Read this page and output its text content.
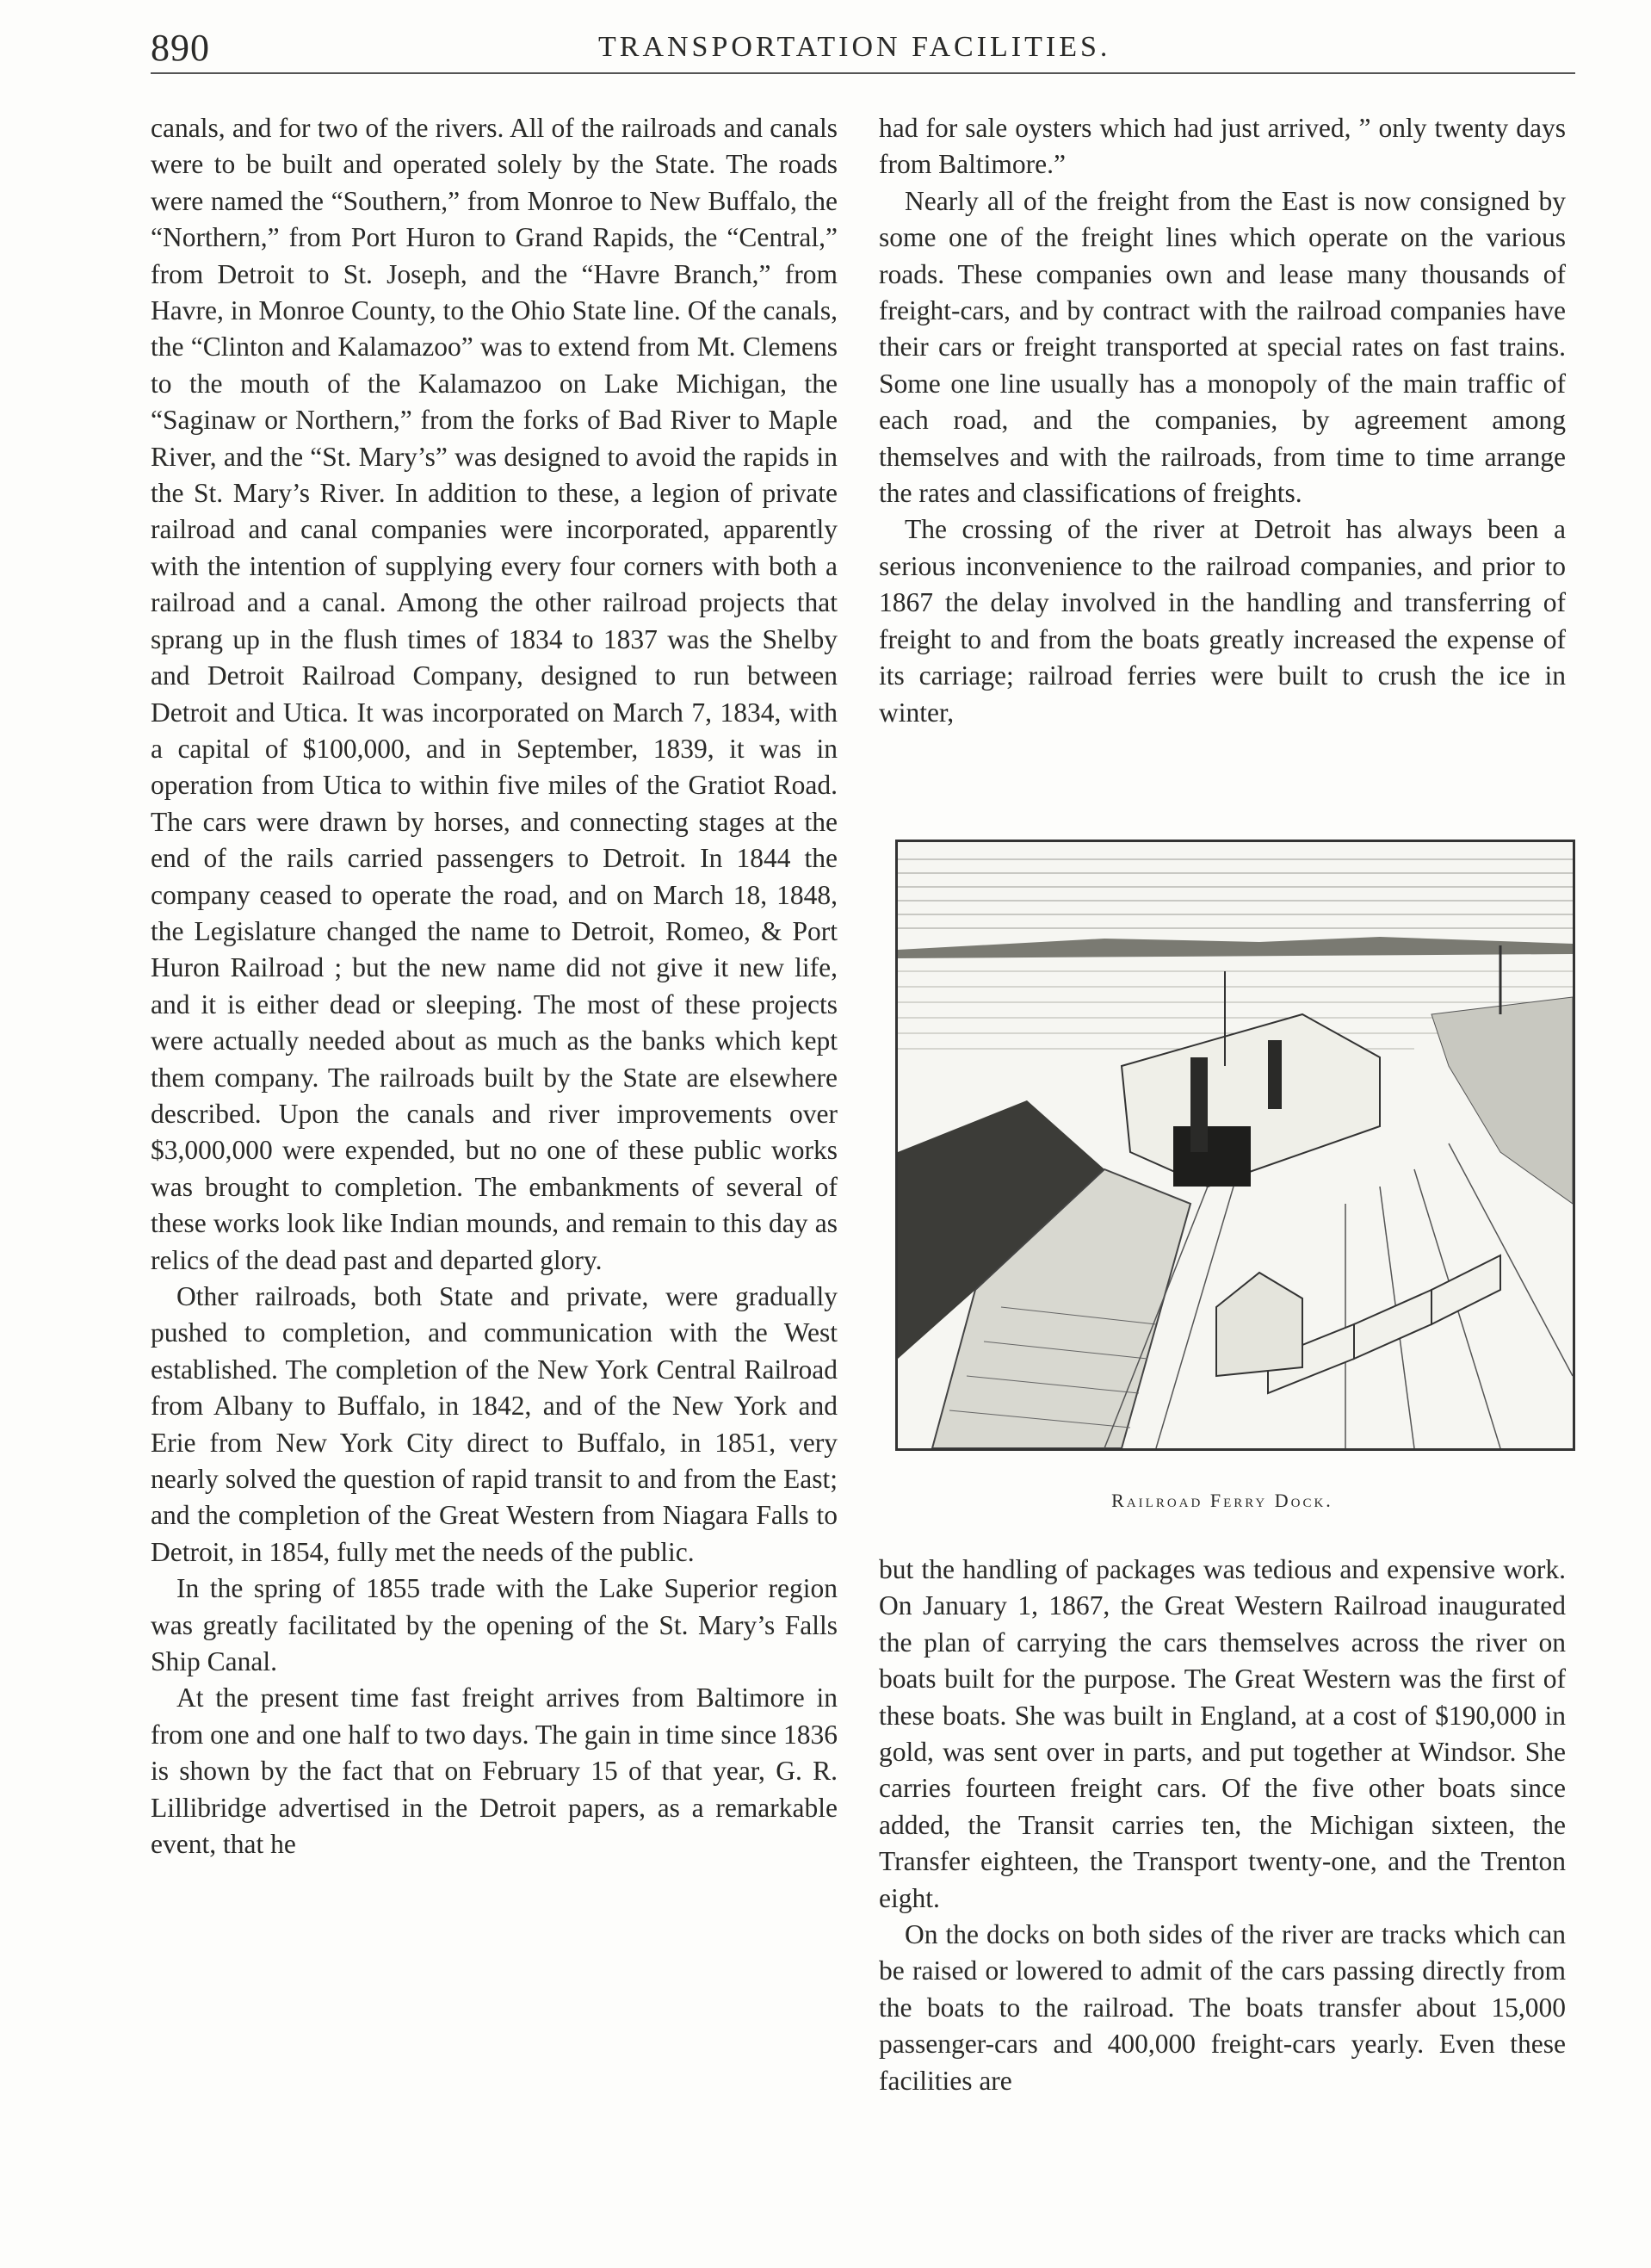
890	TRANSPORTATION FACILITIES.

canals, and for two of the rivers. All of the railroads and canals were to be built and operated solely by the State. The roads were named the “Southern,” from Monroe to New Buffalo, the “Northern,” from Port Huron to Grand Rapids, the “Central,” from Detroit to St. Joseph, and the “Havre Branch,” from Havre, in Monroe County, to the Ohio State line. Of the canals, the “Clinton and Kalamazoo” was to extend from Mt. Clemens to the mouth of the Kalamazoo on Lake Michigan, the “Saginaw or Northern,” from the forks of Bad River to Maple River, and the “St. Mary’s” was designed to avoid the rapids in the St. Mary’s River. In addition to these, a legion of private railroad and canal companies were incorporated, apparently with the intention of supplying every four corners with both a railroad and a canal. Among the other railroad projects that sprang up in the flush times of 1834 to 1837 was the Shelby and Detroit Railroad Company, designed to run between Detroit and Utica. It was incorporated on March 7, 1834, with a capital of $100,000, and in September, 1839, it was in operation from Utica to within five miles of the Gratiot Road. The cars were drawn by horses, and connecting stages at the end of the rails carried passengers to Detroit. In 1844 the company ceased to operate the road, and on March 18, 1848, the Legislature changed the name to Detroit, Romeo, & Port Huron Railroad ; but the new name did not give it new life, and it is either dead or sleeping. The most of these projects were actually needed about as much as the banks which kept them company. The railroads built by the State are elsewhere described. Upon the canals and river improvements over $3,000,000 were expended, but no one of these public works was brought to completion. The embankments of several of these works look like Indian mounds, and remain to this day as relics of the dead past and departed glory.

Other railroads, both State and private, were gradually pushed to completion, and communication with the West established. The completion of the New York Central Railroad from Albany to Buffalo, in 1842, and of the New York and Erie from New York City direct to Buffalo, in 1851, very nearly solved the question of rapid transit to and from the East; and the completion of the Great Western from Niagara Falls to Detroit, in 1854, fully met the needs of the public.

In the spring of 1855 trade with the Lake Superior region was greatly facilitated by the opening of the St. Mary’s Falls Ship Canal.

At the present time fast freight arrives from Baltimore in from one and one half to two days. The gain in time since 1836 is shown by the fact that on February 15 of that year, G. R. Lillibridge advertised in the Detroit papers, as a remarkable event, that he

had for sale oysters which had just arrived, ” only twenty days from Baltimore.”

Nearly all of the freight from the East is now consigned by some one of the freight lines which operate on the various roads. These companies own and lease many thousands of freight-cars, and by contract with the railroad companies have their cars or freight transported at special rates on fast trains. Some one line usually has a monopoly of the main traffic of each road, and the companies, by agreement among themselves and with the railroads, from time to time arrange the rates and classifications of freights.

The crossing of the river at Detroit has always been a serious inconvenience to the railroad companies, and prior to 1867 the delay involved in the handling and transferring of freight to and from the boats greatly increased the expense of its carriage; railroad ferries were built to crush the ice in winter,

Railroad Ferry Dock.

but the handling of packages was tedious and expensive work. On January 1, 1867, the Great Western Railroad inaugurated the plan of carrying the cars themselves across the river on boats built for the purpose. The Great Western was the first of these boats. She was built in England, at a cost of $190,000 in gold, was sent over in parts, and put together at Windsor. She carries fourteen freight cars. Of the five other boats since added, the Transit carries ten, the Michigan sixteen, the Transfer eighteen, the Transport twenty-one, and the Trenton eight.

On the docks on both sides of the river are tracks which can be raised or lowered to admit of the cars passing directly from the boats to the railroad. The boats transfer about 15,000 passenger-cars and 400,000 freight-cars yearly. Even these facilities are
